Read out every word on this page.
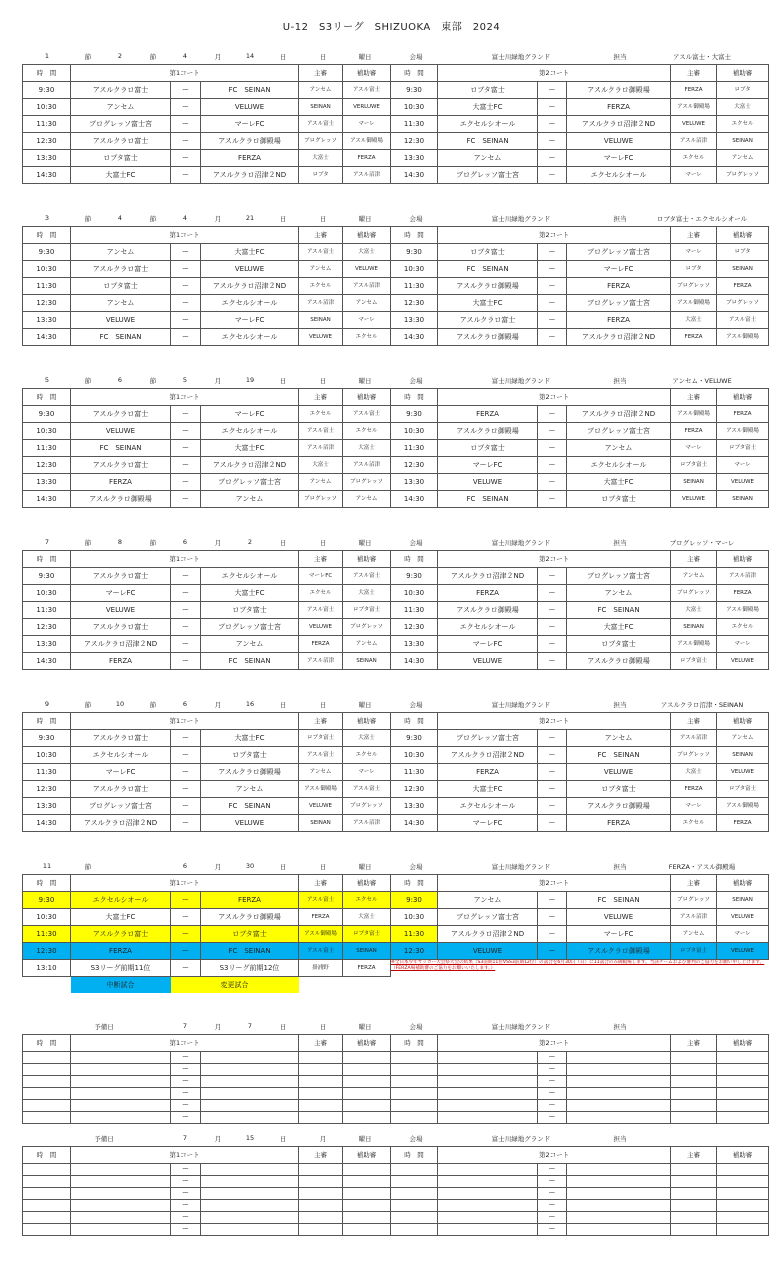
U-12　S3リーグ　SHIZUOKA　東部　2024
1	節	2	節	4	月	14	日	日	曜日	会場	富士川緑地グランド	担当	アスル富士・大富士
時　間	第1コート			主審	補助審	時　間	第2コート			主審	補助審
9:30	アスルクラロ富士	ー	FC　SEINAN	アンセム	アスル富士	9:30	ロブタ富士	ー	アスルクラロ御殿場	FERZA	ロブタ
10:30	アンセム	ー	VELUWE	SEINAN	VERLUWE	10:30	大富士FC	ー	FERZA	アスル御殿場	大富士
11:30	ブログレッソ富士宮	ー	マーレFC	アスル富士	マーレ	11:30	エクセルシオール	ー	アスルクラロ沼津２ND	VELUWE	エクセル
12:30	アスルクラロ富士	ー	アスルクラロ御殿場	ブログレッソ	アスル御殿場	12:30	FC　SEINAN	ー	VELUWE	アスル沼津	SEINAN
13:30	ロブタ富士	ー	FERZA	大富士	FERZA	13:30	アンセム	ー	マーレFC	エクセル	アンセム
14:30	大富士FC	ー	アスルクラロ沼津２ND	ロブタ	アスル沼津	14:30	ブログレッソ富士宮	ー	エクセルシオール	マーレ	ブログレッソ
3	節	4	節	4	月	21	日	日	曜日	会場	富士川緑地グランド	担当	ロブタ富士・エクセルシオール
時　間	第1コート			主審	補助審	時　間	第2コート			主審	補助審
9:30	アンセム	ー	大富士FC	アスル富士	大富士	9:30	ロブタ富士	ー	ブログレッソ富士宮	マーレ	ロブタ
10:30	アスルクラロ富士	ー	VELUWE	アンセム	VELUWE	10:30	FC　SEINAN	ー	マーレFC	ロブタ	SEINAN
11:30	ロブタ富士	ー	アスルクラロ沼津２ND	エクセル	アスル沼津	11:30	アスルクラロ御殿場	ー	FERZA	ブログレッソ	FERZA
12:30	アンセム	ー	エクセルシオール	アスル沼津	アンセム	12:30	大富士FC	ー	ブログレッソ富士宮	アスル御殿場	ブログレッソ
13:30	VELUWE	ー	マーレFC	SEINAN	マーレ	13:30	アスルクラロ富士	ー	FERZA	大富士	アスル富士
14:30	FC　SEINAN	ー	エクセルシオール	VELUWE	エクセル	14:30	アスルクラロ御殿場	ー	アスルクラロ沼津２ND	FERZA	アスル御殿場
5	節	6	節	5	月	19	日	日	曜日	会場	富士川緑地グランド	担当	アンセム・VELUWE
時　間	第1コート			主審	補助審	時　間	第2コート			主審	補助審
9:30	アスルクラロ富士	ー	マーレFC	エクセル	アスル富士	9:30	FERZA	ー	アスルクラロ沼津２ND	アスル御殿場	FERZA
10:30	VELUWE	ー	エクセルシオール	アスル富士	エクセル	10:30	アスルクラロ御殿場	ー	ブログレッソ富士宮	FERZA	アスル御殿場
11:30	FC　SEINAN	ー	大富士FC	アスル沼津	大富士	11:30	ロブタ富士	ー	アンセム	マーレ	ロブタ富士
12:30	アスルクラロ富士	ー	アスルクラロ沼津２ND	大富士	アスル沼津	12:30	マーレFC	ー	エクセルシオール	ロブタ富士	マーレ
13:30	FERZA	ー	ブログレッソ富士宮	アンセム	ブログレッソ	13:30	VELUWE	ー	大富士FC	SEINAN	VELUWE
14:30	アスルクラロ御殿場	ー	アンセム	ブログレッソ	アンセム	14:30	FC　SEINAN	ー	ロブタ富士	VELUWE	SEINAN
7	節	8	節	6	月	2	日	日	曜日	会場	富士川緑地グランド	担当	ブログレッソ・マーレ
時　間	第1コート			主審	補助審	時　間	第2コート			主審	補助審
9:30	アスルクラロ富士	ー	エクセルシオール	マーレFC	アスル富士	9:30	アスルクラロ沼津２ND	ー	ブログレッソ富士宮	アンセム	アスル沼津
10:30	マーレFC	ー	大富士FC	エクセル	大富士	10:30	FERZA	ー	アンセム	ブログレッソ	FERZA
11:30	VELUWE	ー	ロブタ富士	アスル富士	ロブタ富士	11:30	アスルクラロ御殿場	ー	FC　SEINAN	大富士	アスル御殿場
12:30	アスルクラロ富士	ー	ブログレッソ富士宮	VELUWE	ブログレッソ	12:30	エクセルシオール	ー	大富士FC	SEINAN	エクセル
13:30	アスルクラロ沼津２ND	ー	アンセム	FERZA	アンセム	13:30	マーレFC	ー	ロブタ富士	アスル御殿場	マーレ
14:30	FERZA	ー	FC　SEINAN	アスル沼津	SEINAN	14:30	VELUWE	ー	アスルクラロ御殿場	ロブタ富士	VELUWE
9	節	10	節	6	月	16	日	日	曜日	会場	富士川緑地グランド	担当	アスルクラロ沼津・SEINAN
時　間	第1コート			主審	補助審	時　間	第2コート			主審	補助審
9:30	アスルクラロ富士	ー	大富士FC	ロブタ富士	大富士	9:30	ブログレッソ富士宮	ー	アンセム	アスル沼津	アンセム
10:30	エクセルシオール	ー	ロブタ富士	アスル富士	エクセル	10:30	アスルクラロ沼津２ND	ー	FC　SEINAN	ブログレッソ	SEINAN
11:30	マーレFC	ー	アスルクラロ御殿場	アンセム	マーレ	11:30	FERZA	ー	VELUWE	大富士	VELUWE
12:30	アスルクラロ富士	ー	アンセム	アスル御殿場	アスル富士	12:30	大富士FC	ー	ロブタ富士	FERZA	ロブタ富士
13:30	ブログレッソ富士宮	ー	FC　SEINAN	VELUWE	ブログレッソ	13:30	エクセルシオール	ー	アスルクラロ御殿場	マーレ	アスル御殿場
14:30	アスルクラロ沼津２ND	ー	VELUWE	SEINAN	アスル沼津	14:30	マーレFC	ー	FERZA	エクセル	FERZA
11	節	6	月	30	日	日	曜日	会場	富士川緑地グランド	担当	FERZA・アスル御殿場
時　間	第1コート			主審	補助審	時　間	第2コート			主審	補助審
9:30	エクセルシオール	ー	FERZA	アスル富士	エクセル	9:30	アンセム	ー	FC　SEINAN	ブログレッソ	SEINAN
10:30	大富士FC	ー	アスルクラロ御殿場	FERZA	大富士	10:30	ブログレッソ富士宮	ー	VELUWE	アスル沼津	VELUWE
11:30	アスルクラロ富士	ー	ロブタ富士	アスル御殿場	ロブタ富士	11:30	アスルクラロ沼津２ND	ー	マーレFC	アンセム	マーレ
12:30	FERZA	ー	FC　SEINAN	アスル富士	SEINAN	12:30	VELUWE	ー	アスルクラロ御殿場	ロブタ富士	VELUWE
13:10	S3リーグ前期11位	ー	S3リーグ前期12位	掛浦野	FERZA	※全日本少年サッカー大会県大会の結果（S3前期11位VSS3前期12位）の試合を6月30日（日）に11試合のみ御殿場します。当該チームおよび審判のご協力をお願い申し上げます。（FERZA場補助審のご協力をお願いいたします。）					
	中断試合	変更試合									
予備日	7	月	7	日	日	曜日	会場	富士川緑地グランド	担当
時　間	第1コート			主審	補助審	時　間	第2コート			主審	補助審
		ー						ー			
		ー						ー			
		ー						ー			
		ー						ー			
		ー						ー			
		ー						ー			
予備日	7	月	15	日	月	曜日	会場	富士川緑地グランド	担当
時　間	第1コート			主審	補助審	時　間	第2コート			主審	補助審
		ー						ー			
		ー						ー			
		ー						ー			
		ー						ー			
		ー						ー			
		ー						ー			
